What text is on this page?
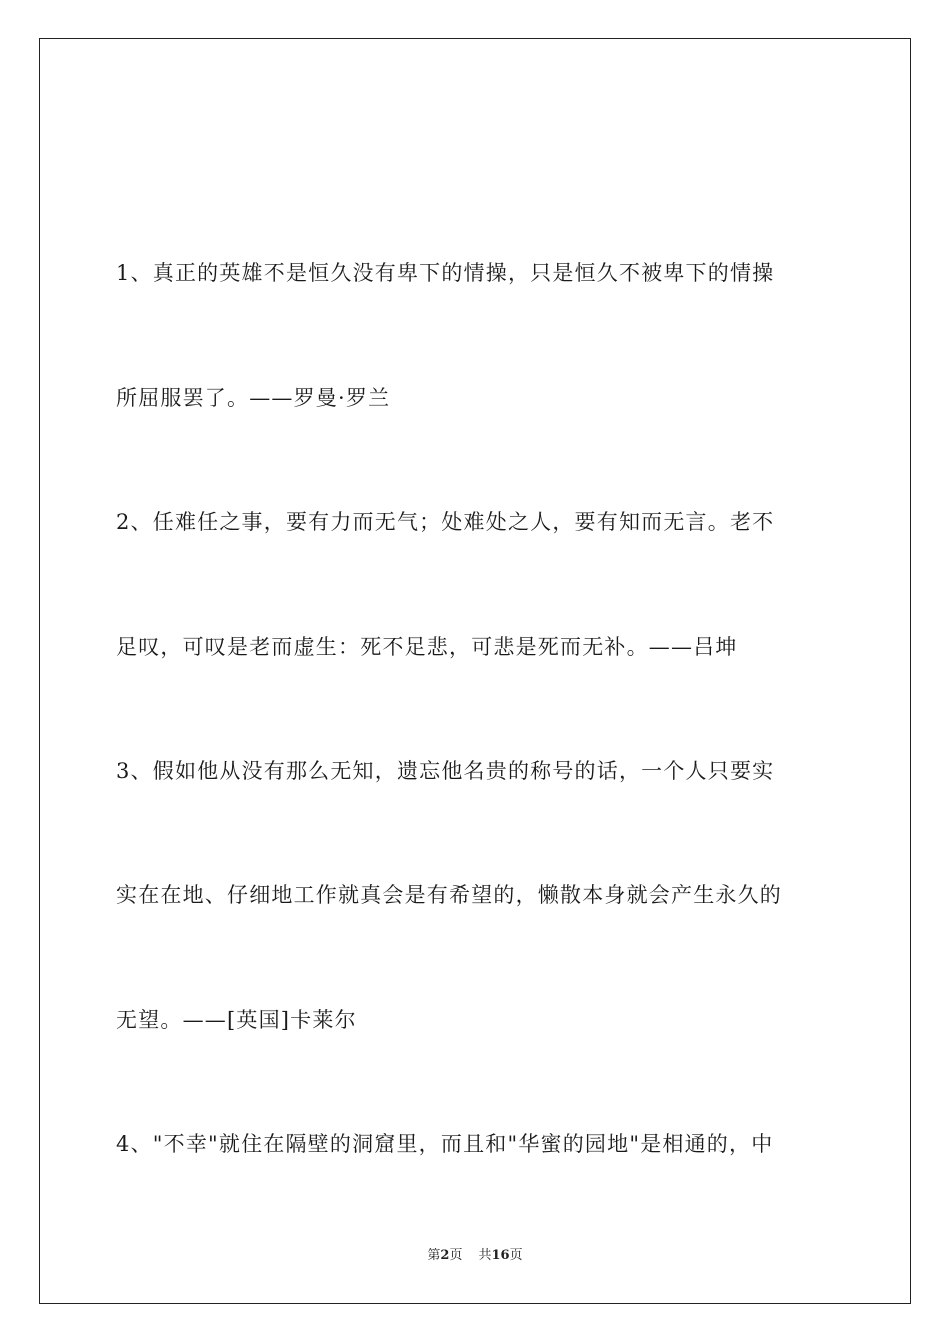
1、真正的英雄不是恒久没有卑下的情操，只是恒久不被卑下的情操
所屈服罢了。——罗曼·罗兰
2、任难任之事，要有力而无气；处难处之人，要有知而无言。老不
足叹，可叹是老而虚生：死不足悲，可悲是死而无补。——吕坤
3、假如他从没有那么无知，遗忘他名贵的称号的话，一个人只要实
实在在地、仔细地工作就真会是有希望的，懒散本身就会产生永久的
无望。——[英国]卡莱尔
4、"不幸"就住在隔壁的洞窟里，而且和"华蜜的园地"是相通的，中
第2页 共16页
